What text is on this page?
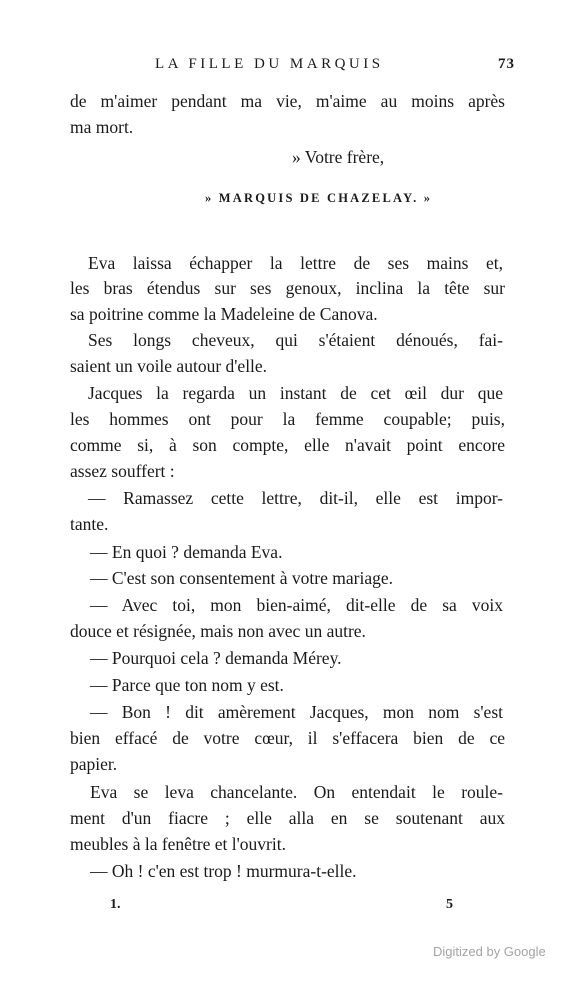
LA FILLE DU MARQUIS	73
de m'aimer pendant ma vie, m'aime au moins après
ma mort.
» Votre frère,
» MARQUIS DE CHAZELAY. »
Eva laissa échapper la lettre de ses mains et,
les bras étendus sur ses genoux, inclina la tête sur
sa poitrine comme la Madeleine de Canova.
Ses longs cheveux, qui s'étaient dénoués, fai-
saient un voile autour d'elle.
Jacques la regarda un instant de cet œil dur que
les hommes ont pour la femme coupable; puis,
comme si, à son compte, elle n'avait point encore
assez souffert :
— Ramassez cette lettre, dit-il, elle est impor-
tante.
— En quoi ? demanda Eva.
— C'est son consentement à votre mariage.
— Avec toi, mon bien-aimé, dit-elle de sa voix
douce et résignée, mais non avec un autre.
— Pourquoi cela ? demanda Mérey.
— Parce que ton nom y est.
— Bon ! dit amèrement Jacques, mon nom s'est
bien effacé de votre cœur, il s'effacera bien de ce
papier.
Eva se leva chancelante. On entendait le roule-
ment d'un fiacre ; elle alla en se soutenant aux
meubles à la fenêtre et l'ouvrit.
— Oh ! c'en est trop ! murmura-t-elle.
1.	5
Digitized by Google
